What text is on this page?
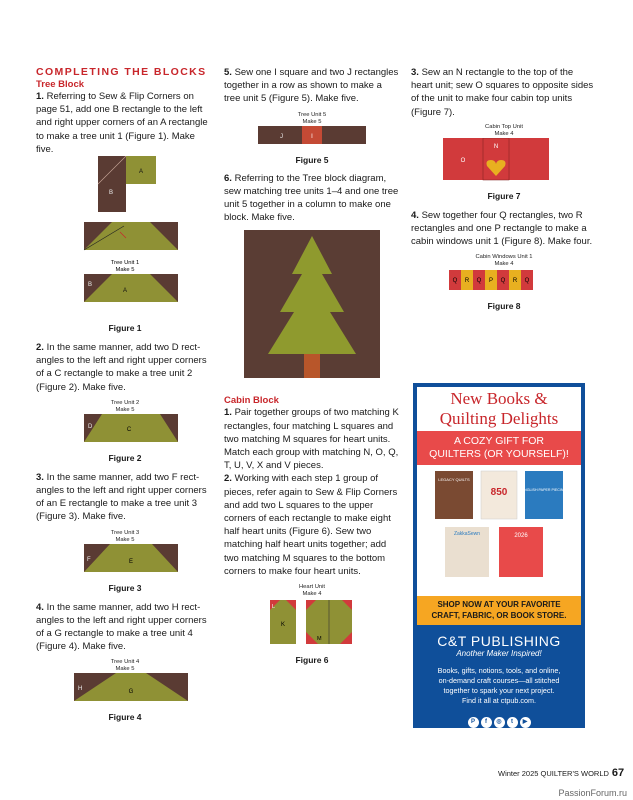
COMPLETING THE BLOCKS
Tree Block

1. Referring to Sew & Flip Corners on page 51, add one B rectangle to the left and right upper corners of an A rectangle to make a tree unit 1 (Figure 1). Make five.

A
B
Tree Unit 1
Make 5
B
A
Figure 1

2. In the same manner, add two D rect- angles to the left and right upper corners of a C rectangle to make a tree unit 2 (Figure 2). Make five.

Tree Unit 2
Make 5
D	C
Figure 2

3. In the same manner, add two F rect- angles to the left and right upper corners of an E rectangle to make a tree unit 3 (Figure 3). Make five.

Tree Unit 3
Make 5
F	E
Figure 3

4. In the same manner, add two H rect- angles to the left and right upper corners of a G rectangle to make a tree unit 4 (Figure 4). Make five.

Tree Unit 4
Make 5
H	G
Figure 4

5. Sew one I square and two J rectangles together in a row as shown to make a tree unit 5 (Figure 5). Make five.

Tree Unit 5
Make 5
J	I
Figure 5

6. Referring to the Tree block diagram, sew matching tree units 1–4 and one tree unit 5 together in a column to make one block. Make five.

Cabin Block

1. Pair together groups of two matching K rectangles, four matching L squares and two matching M squares for heart units. Match each group with matching N, O, Q, T, U, V, X and V pieces.

2. Working with each step 1 group of pieces, refer again to Sew & Flip Corners and add two L squares to the upper corners of each rectangle to make eight half heart units (Figure 6). Sew two matching half heart units together; add two matching M squares to the bottom corners to make four heart units.

Heart Unit
Make 4
L
K
M
Figure 6

3. Sew an N rectangle to the top of the heart unit; sew O squares to opposite sides of the unit to make four cabin top units (Figure 7).

Cabin Top Unit
Make 4
N
O
Figure 7

4. Sew together four Q rectangles, two R rectangles and one P rectangle to make a cabin windows unit 1 (Figure 8). Make four.

Cabin Windows Unit 1
Make 4
Q R Q P Q R Q
Figure 8
New Books &
Quilting Delights
A COZY GIFT FOR
QUILTERS (OR YOURSELF)!
LEGACY QUILTS
850	ENGLISH PAPER PIECING
ZakkaSewn	2026
SHOP NOW AT YOUR FAVORITE
CRAFT, FABRIC, OR BOOK STORE.
C&T PUBLISHING
Another Maker Inspired!
Books, gifts, notions, tools, and online,
on-demand craft courses—all stitched
together to spark your next project.
Find it all at ctpub.com.
P f ◎ t ▶
Winter 2025 QUILTER'S WORLD 67
PassionForum.ru
